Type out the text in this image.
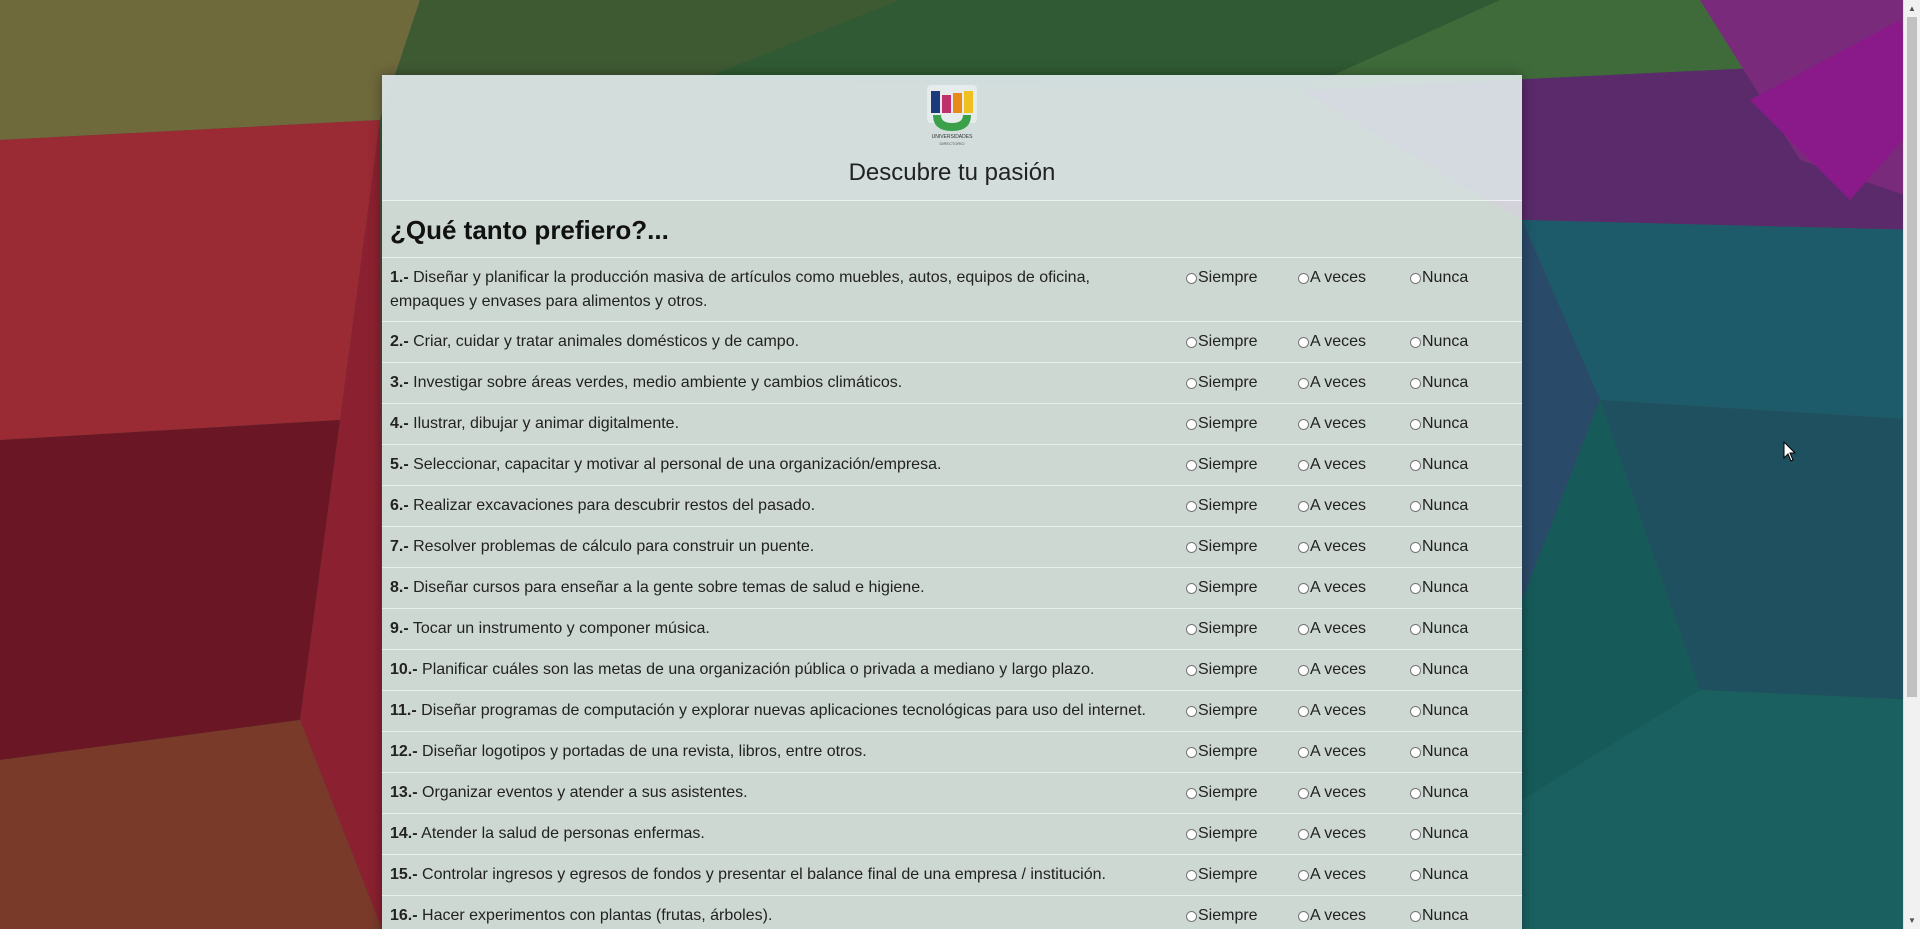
UNIVERSIDADES
DIRECTORIO
Descubre tu pasión
¿Qué tanto prefiero?...
1.- Diseñar y planificar la producción masiva de artículos como muebles, autos, equipos de oficina, empaques y envases para alimentos y otros.
Siempre	A veces	Nunca
2.- Criar, cuidar y tratar animales domésticos y de campo.	Siempre	A veces	Nunca
3.- Investigar sobre áreas verdes, medio ambiente y cambios climáticos.	Siempre	A veces	Nunca
4.- Ilustrar, dibujar y animar digitalmente.	Siempre	A veces	Nunca
5.- Seleccionar, capacitar y motivar al personal de una organización/empresa.	Siempre	A veces	Nunca
6.- Realizar excavaciones para descubrir restos del pasado.	Siempre	A veces	Nunca
7.- Resolver problemas de cálculo para construir un puente.	Siempre	A veces	Nunca
8.- Diseñar cursos para enseñar a la gente sobre temas de salud e higiene.	Siempre	A veces	Nunca
9.- Tocar un instrumento y componer música.	Siempre	A veces	Nunca
10.- Planificar cuáles son las metas de una organización pública o privada a mediano y largo plazo.	Siempre	A veces	Nunca
11.- Diseñar programas de computación y explorar nuevas aplicaciones tecnológicas para uso del internet.	Siempre	A veces	Nunca
12.- Diseñar logotipos y portadas de una revista, libros, entre otros.	Siempre	A veces	Nunca
13.- Organizar eventos y atender a sus asistentes.	Siempre	A veces	Nunca
14.- Atender la salud de personas enfermas.	Siempre	A veces	Nunca
15.- Controlar ingresos y egresos de fondos y presentar el balance final de una empresa / institución.	Siempre	A veces	Nunca
16.- Hacer experimentos con plantas (frutas, árboles).	Siempre	A veces	Nunca
▲
▼
